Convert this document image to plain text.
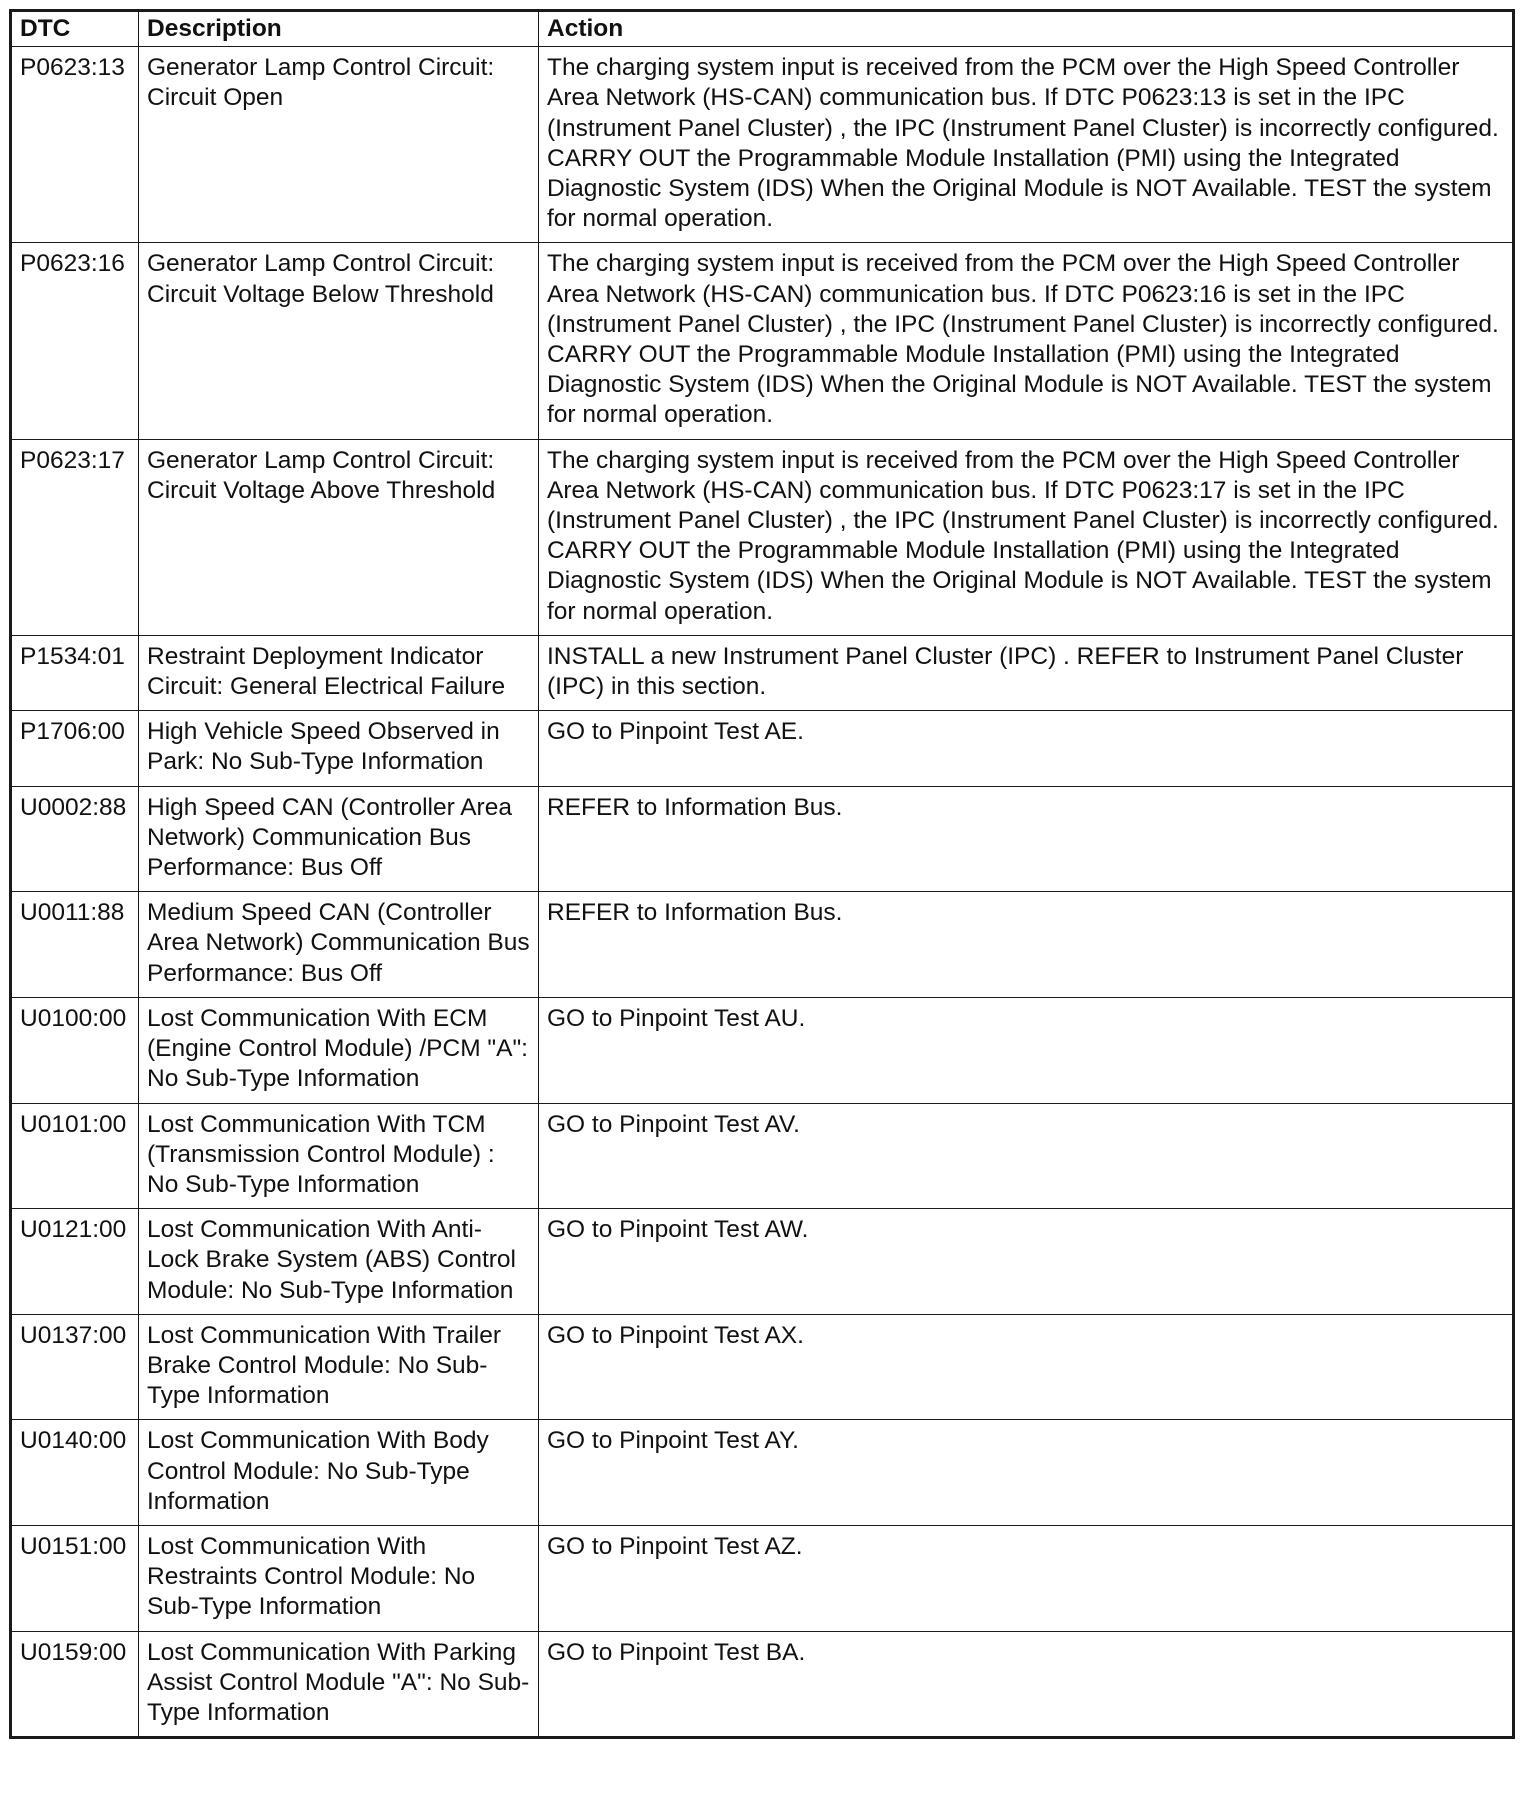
DTC	Description	Action
P0623:13	Generator Lamp Control Circuit: Circuit Open	The charging system input is received from the PCM over the High Speed Controller Area Network (HS-CAN) communication bus. If DTC P0623:13 is set in the IPC (Instrument Panel Cluster) , the IPC (Instrument Panel Cluster) is incorrectly configured. CARRY OUT the Programmable Module Installation (PMI) using the Integrated Diagnostic System (IDS) When the Original Module is NOT Available. TEST the system for normal operation.
P0623:16	Generator Lamp Control Circuit: Circuit Voltage Below Threshold	The charging system input is received from the PCM over the High Speed Controller Area Network (HS-CAN) communication bus. If DTC P0623:16 is set in the IPC (Instrument Panel Cluster) , the IPC (Instrument Panel Cluster) is incorrectly configured. CARRY OUT the Programmable Module Installation (PMI) using the Integrated Diagnostic System (IDS) When the Original Module is NOT Available. TEST the system for normal operation.
P0623:17	Generator Lamp Control Circuit: Circuit Voltage Above Threshold	The charging system input is received from the PCM over the High Speed Controller Area Network (HS-CAN) communication bus. If DTC P0623:17 is set in the IPC (Instrument Panel Cluster) , the IPC (Instrument Panel Cluster) is incorrectly configured. CARRY OUT the Programmable Module Installation (PMI) using the Integrated Diagnostic System (IDS) When the Original Module is NOT Available. TEST the system for normal operation.
P1534:01	Restraint Deployment Indicator Circuit: General Electrical Failure	INSTALL a new Instrument Panel Cluster (IPC) . REFER to Instrument Panel Cluster (IPC) in this section.
P1706:00	High Vehicle Speed Observed in Park: No Sub-Type Information	GO to Pinpoint Test AE.
U0002:88	High Speed CAN (Controller Area Network) Communication Bus Performance: Bus Off	REFER to Information Bus.
U0011:88	Medium Speed CAN (Controller Area Network) Communication Bus Performance: Bus Off	REFER to Information Bus.
U0100:00	Lost Communication With ECM (Engine Control Module) /PCM "A": No Sub-Type Information	GO to Pinpoint Test AU.
U0101:00	Lost Communication With TCM (Transmission Control Module) : No Sub-Type Information	GO to Pinpoint Test AV.
U0121:00	Lost Communication With Anti-Lock Brake System (ABS) Control Module: No Sub-Type Information	GO to Pinpoint Test AW.
U0137:00	Lost Communication With Trailer Brake Control Module: No Sub-Type Information	GO to Pinpoint Test AX.
U0140:00	Lost Communication With Body Control Module: No Sub-Type Information	GO to Pinpoint Test AY.
U0151:00	Lost Communication With Restraints Control Module: No Sub-Type Information	GO to Pinpoint Test AZ.
U0159:00	Lost Communication With Parking Assist Control Module "A": No Sub-Type Information	GO to Pinpoint Test BA.
